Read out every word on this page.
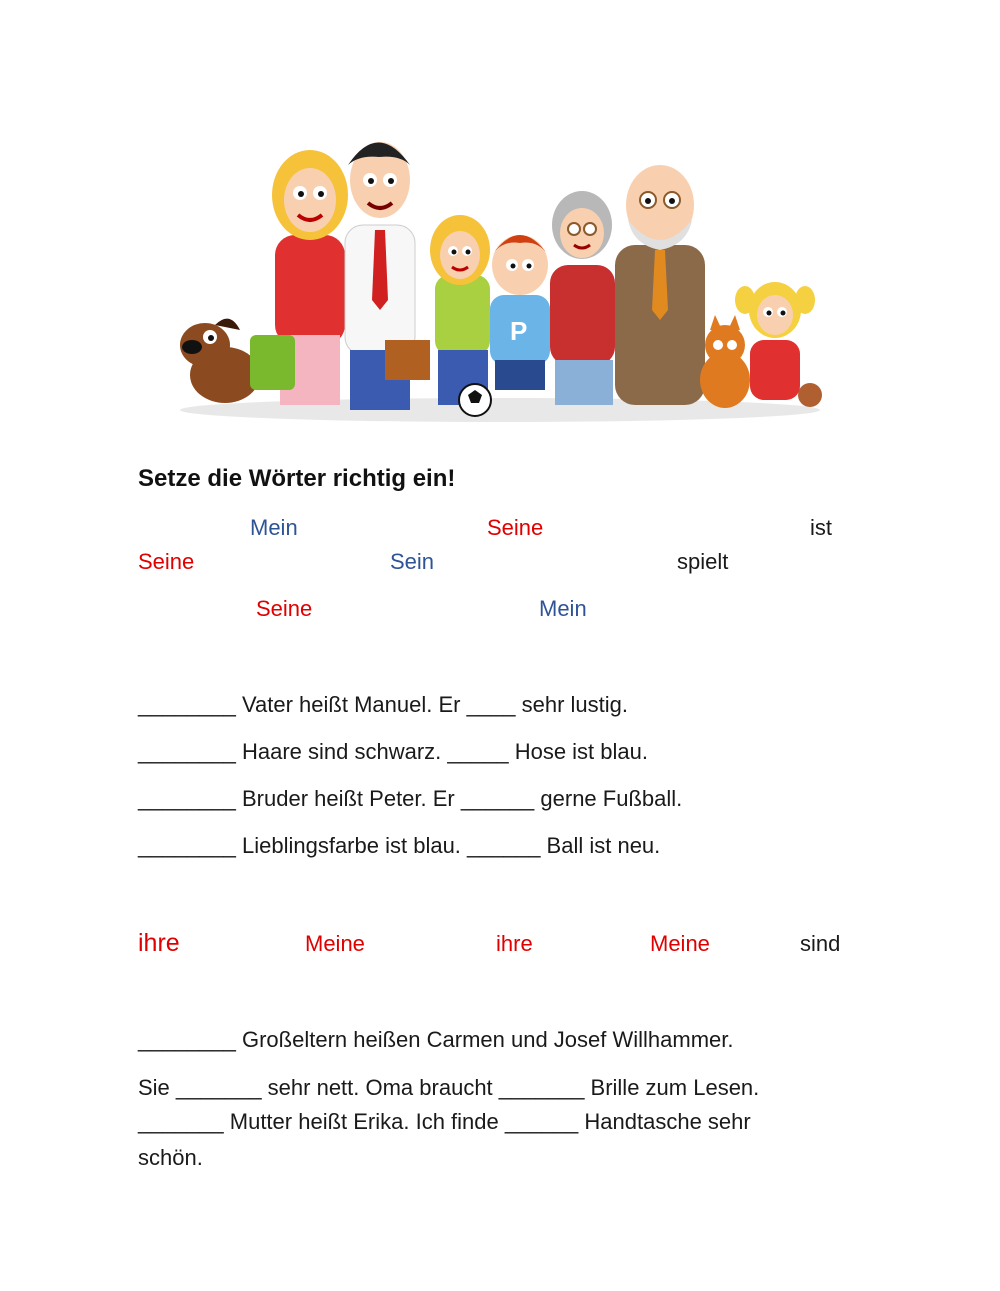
P
Setze die Wörter richtig ein!
Mein	Seine	ist
Seine	Sein	spielt
Seine	Mein
________ Vater heißt Manuel. Er ____ sehr lustig.
________ Haare sind schwarz. _____ Hose ist blau.
________ Bruder heißt Peter. Er ______ gerne Fußball.
________ Lieblingsfarbe ist blau. ______ Ball ist neu.
ihre	Meine	ihre	Meine	sind
________ Großeltern heißen Carmen und Josef Willhammer.
Sie _______ sehr nett. Oma braucht _______ Brille zum Lesen.
_______ Mutter heißt Erika. Ich finde ______ Handtasche sehr
schön.
